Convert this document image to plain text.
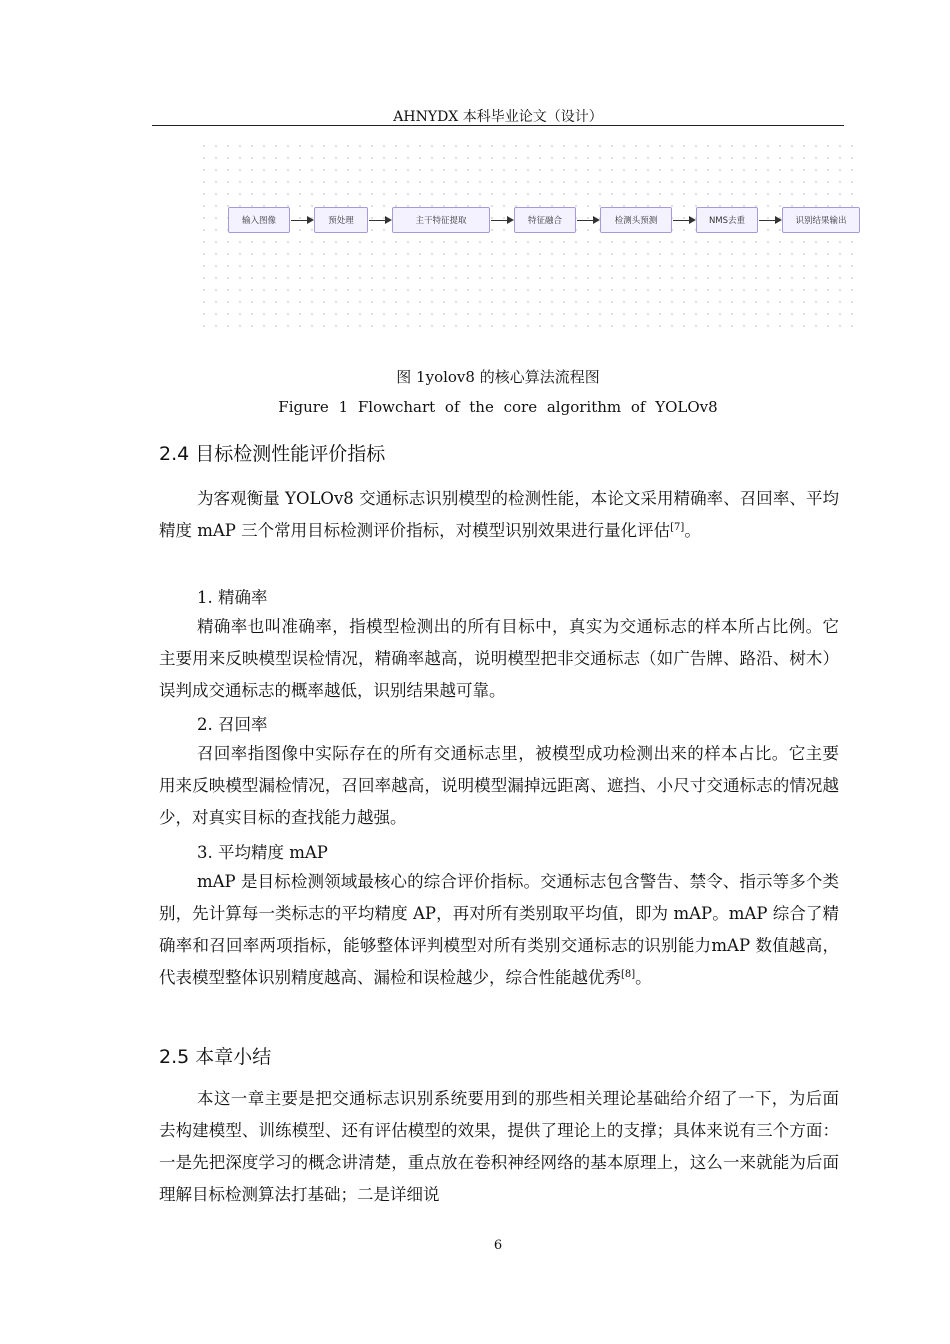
AHNYDX 本科毕业论文（设计）
输入图像	预处理	主干特征提取	特征融合	检测头预测	NMS去重	识别结果输出
图 1yolov8 的核心算法流程图
Figure 1 Flowchart of the core algorithm of YOLOv8
2.4 目标检测性能评价指标

为客观衡量 YOLOv8 交通标志识别模型的检测性能，本论文采用精确率、召回率、平均精度 mAP 三个常用目标检测评价指标，对模型识别效果进行量化评估[7]。

1. 精确率

精确率也叫准确率，指模型检测出的所有目标中，真实为交通标志的样本所占比例。它主要用来反映模型误检情况，精确率越高，说明模型把非交通标志（如广告牌、路沿、树木）误判成交通标志的概率越低，识别结果越可靠。

2. 召回率

召回率指图像中实际存在的所有交通标志里，被模型成功检测出来的样本占比。它主要用来反映模型漏检情况，召回率越高，说明模型漏掉远距离、遮挡、小尺寸交通标志的情况越少，对真实目标的查找能力越强。

3. 平均精度 mAP

mAP 是目标检测领域最核心的综合评价指标。交通标志包含警告、禁令、指示等多个类别，先计算每一类标志的平均精度 AP，再对所有类别取平均值，即为 mAP。mAP 综合了精确率和召回率两项指标，能够整体评判模型对所有类别交通标志的识别能力mAP 数值越高，代表模型整体识别精度越高、漏检和误检越少，综合性能越优秀[8]。

2.5 本章小结

本这一章主要是把交通标志识别系统要用到的那些相关理论基础给介绍了一下，为后面去构建模型、训练模型、还有评估模型的效果，提供了理论上的支撑；具体来说有三个方面：一是先把深度学习的概念讲清楚，重点放在卷积神经网络的基本原理上，这么一来就能为后面理解目标检测算法打基础；二是详细说

6
